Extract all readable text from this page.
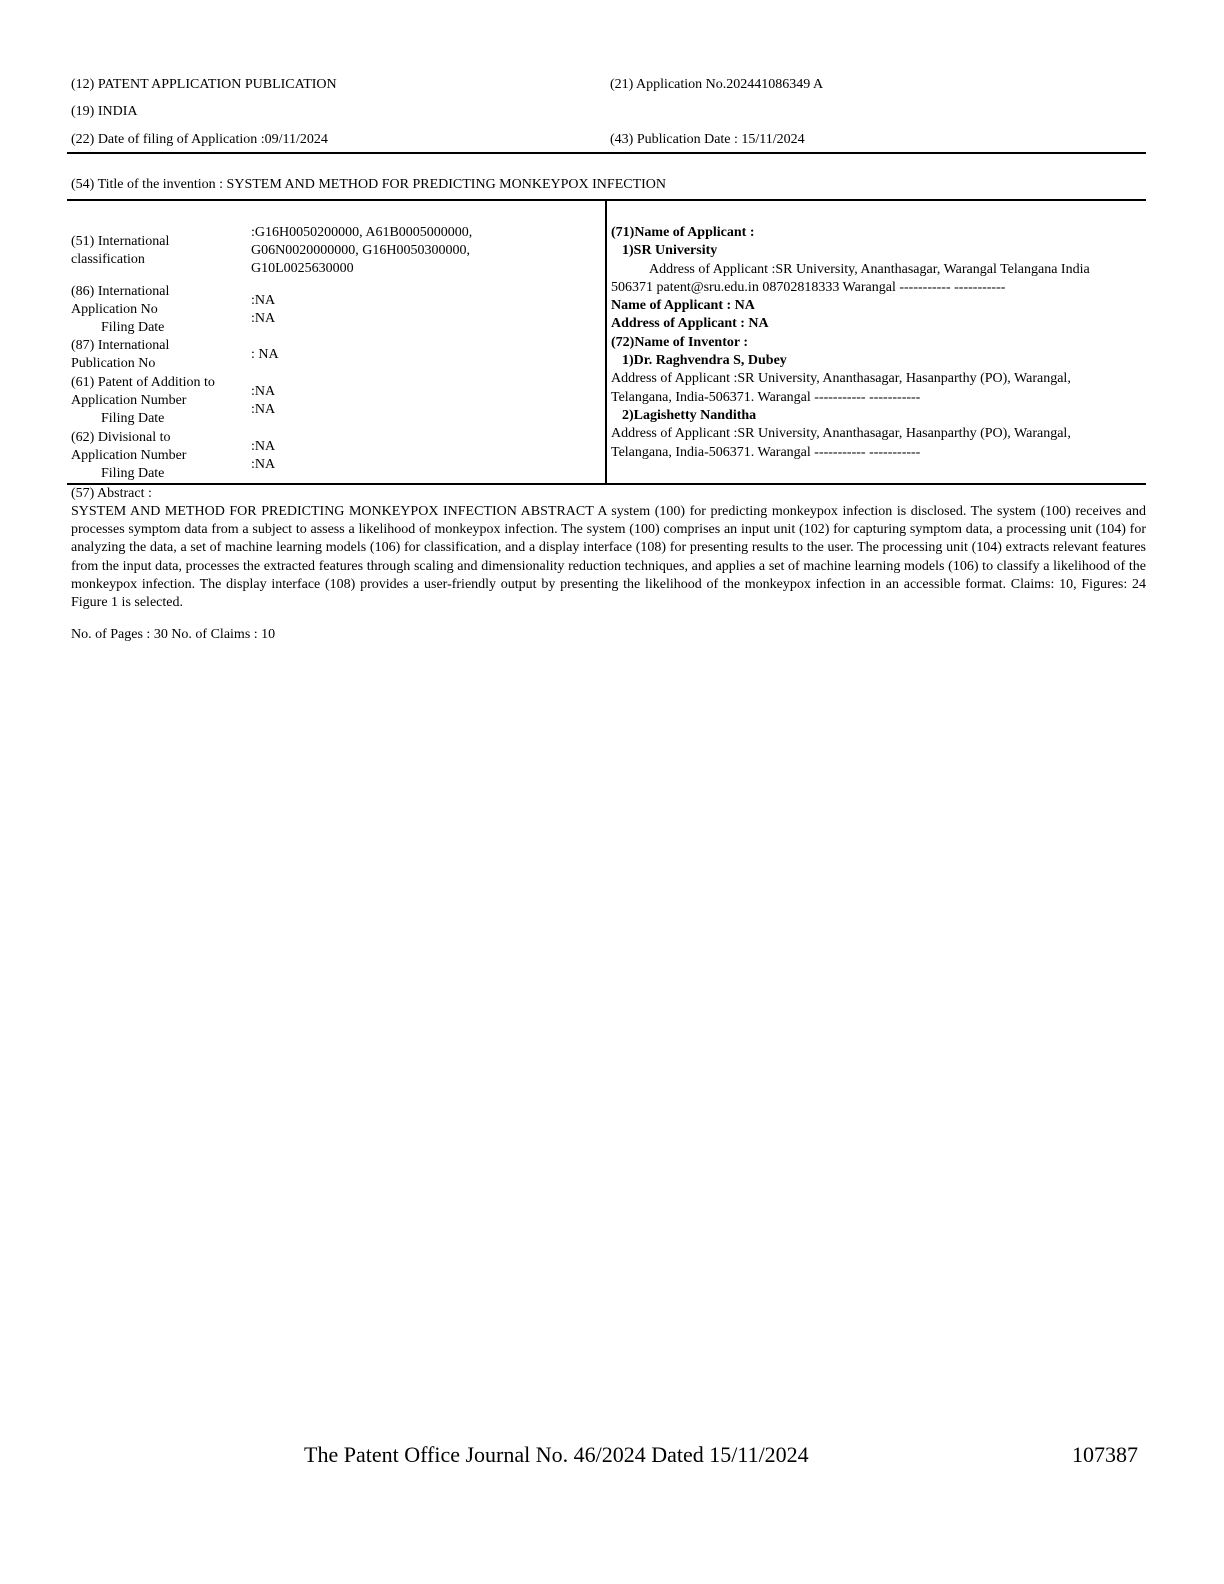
(12) PATENT APPLICATION PUBLICATION
(19) INDIA
(22) Date of filing of Application :09/11/2024
(21) Application No.202441086349 A
(43) Publication Date : 15/11/2024
(54) Title of the invention : SYSTEM AND METHOD FOR PREDICTING MONKEYPOX INFECTION
(51) International
classification
:G16H0050200000, A61B0005000000,
G06N0020000000, G16H0050300000,
G10L0025630000
(86) International
Application No
Filing Date
:NA
:NA
(87) International
Publication No
: NA
(61) Patent of Addition to
Application Number
Filing Date
:NA
:NA
(62) Divisional to
Application Number
Filing Date
:NA
:NA
(71)Name of Applicant :
1)SR University
Address of Applicant :SR University, Ananthasagar, Warangal Telangana India
506371 patent@sru.edu.in 08702818333 Warangal ----------- -----------
Name of Applicant : NA
Address of Applicant : NA
(72)Name of Inventor :
1)Dr. Raghvendra S, Dubey
Address of Applicant :SR University, Ananthasagar, Hasanparthy (PO), Warangal,
Telangana, India-506371. Warangal ----------- -----------
2)Lagishetty Nanditha
Address of Applicant :SR University, Ananthasagar, Hasanparthy (PO), Warangal,
Telangana, India-506371. Warangal ----------- -----------
(57) Abstract :
SYSTEM AND METHOD FOR PREDICTING MONKEYPOX INFECTION ABSTRACT A system (100) for predicting monkeypox infection is disclosed. The system (100) receives and processes symptom data from a subject to assess a likelihood of monkeypox infection. The system (100) comprises an input unit (102) for capturing symptom data, a processing unit (104) for analyzing the data, a set of machine learning models (106) for classification, and a display interface (108) for presenting results to the user. The processing unit (104) extracts relevant features from the input data, processes the extracted features through scaling and dimensionality reduction techniques, and applies a set of machine learning models (106) to classify a likelihood of the monkeypox infection. The display interface (108) provides a user-friendly output by presenting the likelihood of the monkeypox infection in an accessible format. Claims: 10, Figures: 24 Figure 1 is selected.
No. of Pages : 30 No. of Claims : 10
The Patent Office Journal No. 46/2024 Dated 15/11/2024	107387
